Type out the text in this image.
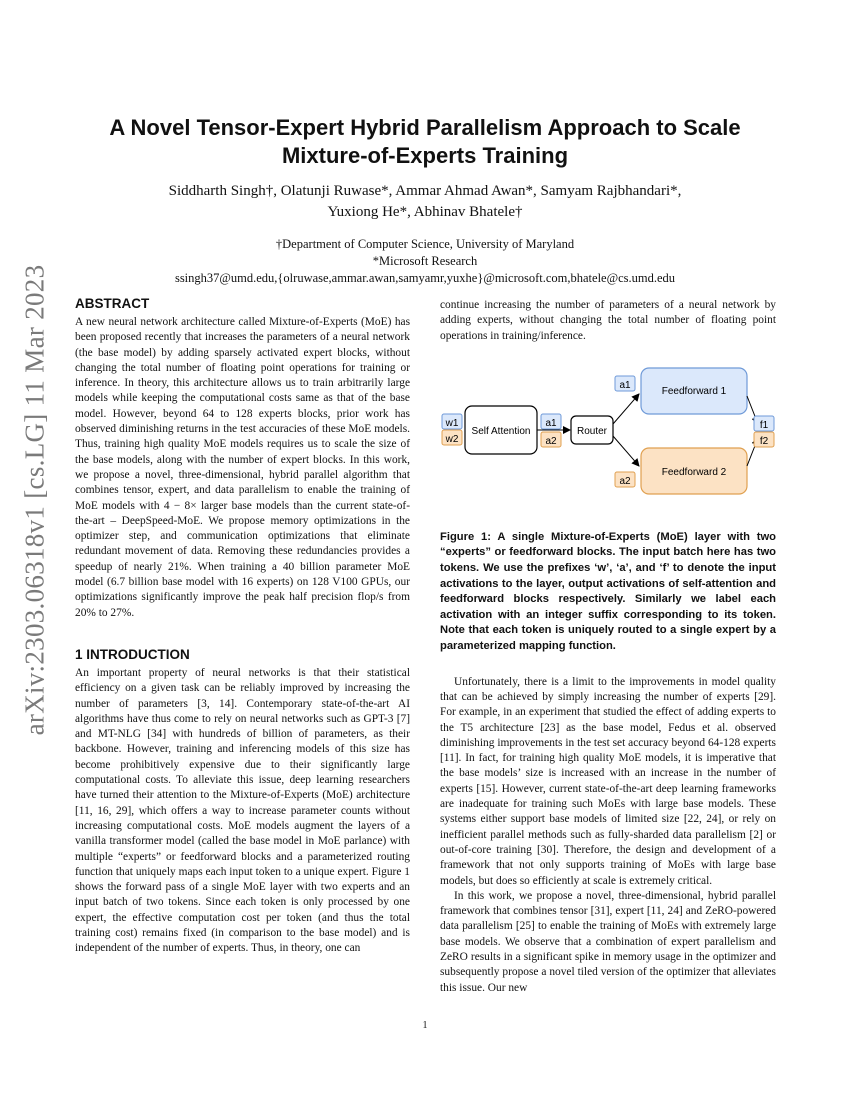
arXiv:2303.06318v1 [cs.LG] 11 Mar 2023
A Novel Tensor-Expert Hybrid Parallelism Approach to Scale Mixture-of-Experts Training
Siddharth Singh†, Olatunji Ruwase*, Ammar Ahmad Awan*, Samyam Rajbhandari*,
Yuxiong He*, Abhinav Bhatele†
†Department of Computer Science, University of Maryland
*Microsoft Research
ssingh37@umd.edu,{olruwase,ammar.awan,samyamr,yuxhe}@microsoft.com,bhatele@cs.umd.edu
ABSTRACT

A new neural network architecture called Mixture-of-Experts (MoE) has been proposed recently that increases the parameters of a neural network (the base model) by adding sparsely activated expert blocks, without changing the total number of floating point operations for training or inference. In theory, this architecture allows us to train arbitrarily large models while keeping the computational costs same as that of the base model. However, beyond 64 to 128 experts blocks, prior work has observed diminishing returns in the test accuracies of these MoE models. Thus, training high quality MoE models requires us to scale the size of the base models, along with the number of expert blocks. In this work, we propose a novel, three-dimensional, hybrid parallel algorithm that combines tensor, expert, and data parallelism to enable the training of MoE models with 4 − 8× larger base models than the current state-of-the-art – DeepSpeed-MoE. We propose memory optimizations in the optimizer step, and communication optimizations that eliminate redundant movement of data. Removing these redundancies provides a speedup of nearly 21%. When training a 40 billion parameter MoE model (6.7 billion base model with 16 experts) on 128 V100 GPUs, our optimizations significantly improve the peak half precision flop/s from 20% to 27%.

1 INTRODUCTION

An important property of neural networks is that their statistical efficiency on a given task can be reliably improved by increasing the number of parameters [3, 14]. Contemporary state-of-the-art AI algorithms have thus come to rely on neural networks such as GPT-3 [7] and MT-NLG [34] with hundreds of billion of parameters, as their backbone. However, training and inferencing models of this size has become prohibitively expensive due to their significantly large computational costs. To alleviate this issue, deep learning researchers have turned their attention to the Mixture-of-Experts (MoE) architecture [11, 16, 29], which offers a way to increase parameter counts without increasing computational costs. MoE models augment the layers of a vanilla transformer model (called the base model in MoE parlance) with multiple “experts” or feedforward blocks and a parameterized routing function that uniquely maps each input token to a unique expert. Figure 1 shows the forward pass of a single MoE layer with two experts and an input batch of two tokens. Since each token is only processed by one expert, the effective computation cost per token (and thus the total training cost) remains fixed (in comparison to the base model) and is independent of the number of experts. Thus, in theory, one can

continue increasing the number of parameters of a neural network by adding experts, without changing the total number of floating point operations in training/inference.

w1
w2
Self Attention
a1
a2
Router
a1
a2
Feedforward 1
Feedforward 2
f1
f2

Figure 1: A single Mixture-of-Experts (MoE) layer with two “experts” or feedforward blocks. The input batch here has two tokens. We use the prefixes ‘w’, ‘a’, and ‘f’ to denote the input activations to the layer, output activations of self-attention and feedforward blocks respectively. Similarly we label each activation with an integer suffix corresponding to its token. Note that each token is uniquely routed to a single expert by a parameterized mapping function.

Unfortunately, there is a limit to the improvements in model quality that can be achieved by simply increasing the number of experts [29]. For example, in an experiment that studied the effect of adding experts to the T5 architecture [23] as the base model, Fedus et al. observed diminishing improvements in the test set accuracy beyond 64-128 experts [11]. In fact, for training high quality MoE models, it is imperative that the base models’ size is increased with an increase in the number of experts [15]. However, current state-of-the-art deep learning frameworks are inadequate for training such MoEs with large base models. These systems either support base models of limited size [22, 24], or rely on inefficient parallel methods such as fully-sharded data parallelism [2] or out-of-core training [30]. Therefore, the design and development of a framework that not only supports training of MoEs with large base models, but does so efficiently at scale is extremely critical.

In this work, we propose a novel, three-dimensional, hybrid parallel framework that combines tensor [31], expert [11, 24] and ZeRO-powered data parallelism [25] to enable the training of MoEs with extremely large base models. We observe that a combination of expert parallelism and ZeRO results in a significant spike in memory usage in the optimizer and subsequently propose a novel tiled version of the optimizer that alleviates this issue. Our new

1
